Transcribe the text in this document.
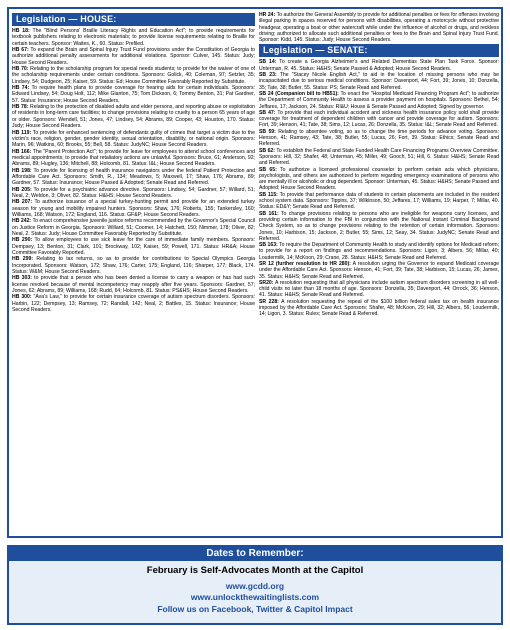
Legislation — HOUSE:
HB 18: The "Blind Persons' Braille Literacy Rights and Education Act"; to provide requirements for textbook publishers relating to electronic materials; to provide license requirements relating to Braille for certain teachers. Sponsor: Waites, K., 60. Status: Prefiled.
HB 67: To expand the Brain and Spinal Injury Trust Fund provisions under the Constitution of Georgia to authorize additional penalty assessments for additional violations. Sponsor: Culver, 145. Status: Judy; House Second Readers.
HB 70: Relating to the scholarship program for special needs students; to provide for the waiver of one of the scholarship requirements under certain conditions. Sponsors: Golick, 40; Coleman, 97; Setzler, 35; Lindsey, 54; Dudgeon, 25; Kaiser, 59. Status: Ed; House Committee Favorably Reported by Substitute.
HB 74: To require health plans to provide coverage for hearing aids for certain individuals. Sponsors: Edward Lindsey, 54; Doug Holt, 112; Mike Glanton, 75; Tom Dickson, 6; Tommy Benton, 31; Pat Gardner, 57. Status: Insurance; House Second Readers.
HB 78: Relating to the protection of disabled adults and elder persons, and reporting abuse or exploitation of residents in long-term care facilities; to change provisions relating to cruelty to a person 65 years of age or older. Sponsors: Wendell, 51; Jones, 47; Lindsey, 54; Abrams, 89; Cooper, 43; Houston, 170. Status: Judy; House Second Readers.
HB 119: To provide for enhanced sentencing of defendants guilty of crimes that target a victim due to the victim's race, religion, gender, gender identity, sexual orientation, disability, or national origin. Sponsors: Marin, 96; Watkins, 60; Brooks, 55; Bell, 58. Status: JudyNC; House Second Readers.
HB 166: The "Parent Protection Act"; to provide for leave for employees to attend school conferences and medical appointments; to provide that retaliatory actions are unlawful. Sponsors: Bruce, 61; Anderson, 92; Abrams, 89; Hugley, 136; Mitchell, 88; Holcomb, 81. Status: I&L; House Second Readers.
HB 198: To provide for licensing of health insurance navigators under the federal Patient Protection and Affordable Care Act. Sponsors: Smith, R., 134; Meadows, 5; Maxwell, 17; Shaw, 176; Abrams, 89; Gardner, 57. Status: Insurance; House Passed & Adopted; Senate Read and Referred.
HB 205: To provide for a psychiatric advance directive. Sponsors: Lindsey, 54; Gardner, 57; Willard, 51; Neal, 2; Weldon, 3; Oliver, 82. Status: H&HS; House Second Readers.
HB 207: To authorize issuance of a special turkey-hunting permit and provide for an extended turkey season for young and mobility impaired hunters. Sponsors: Shaw, 176; Roberts, 155; Tankersley, 160; Williams, 168; Watson, 172; England, 116. Status: GF&P; House Second Readers.
HB 242: To enact comprehensive juvenile justice reforms recommended by the Governor's Special Council on Justice Reform in Georgia. Sponsors: Willard, 51; Coomer, 14; Hatchett, 150; Nimmer, 178; Oliver, 82; Neal, 2. Status: Judy; House Committee Favorably Reported by Substitute.
HB 290: To allow employees to use sick leave for the care of immediate family members. Sponsors: Dempsey, 13; Benton, 31; Clark, 101; Brockway, 102; Kaiser, 59; Powell, 171. Status: HR&A; House Committee Favorably Reported.
HB 299: Relating to tax returns, so as to provide for contributions to Special Olympics Georgia Incorporated. Sponsors: Watson, 172; Shaw, 176; Carter, 175; England, 116; Sharper, 177; Black, 174. Status: W&M; House Second Readers.
HB 303: to provide that a person who has been denied a license to carry a weapon or has had such license revoked because of mental incompetency may reapply after five years. Sponsors: Gardner, 57; Jones, 62; Abrams, 89; Williams, 168; Rudd, 64; Holcomb, 81. Status: PS&HS; House Second Readers.
HB 300: "Ava's Law," to provide for certain insurance coverage of autism spectrum disorders. Sponsors: Harbin, 122; Dempsey, 13; Ramsey, 72; Randall, 142; Neal, 2; Battles, 15. Status: Insurance; House Second Readers.
HR 24: To authorize the General Assembly to provide for additional penalties or fees for offenses involving illegal parking in spaces reserved for persons with disabilities, operating a motorcycle without protective headgear, operating a boat or other watercraft while under the influence of alcohol or drugs, and reckless driving; authorized to allocate such additional penalties or fees to the Brain and Spinal Injury Trust Fund. Sponsor: Kidd, 145. Status: Judy; House Second Readers.
Legislation — SENATE:
SB 14: To create a Georgia Alzheimer's and Related Dementias State Plan Task Force. Sponsor: Unterman, R. 45. Status: H&HS; Senate Passed & Adopted; House Second Readers.
SB 23: The "Stacey Nicole English Act," to aid in the location of missing persons who may be incapacitated due to serious medical conditions. Sponsor: Davenport, 44; Fort, 39; Jones, 10; Donzella, 35; Tate, 38; Butler, 55. Status: PS; Senate Read and Referred.
SB 24 (Companion bill to HB51): To enact the "Hospital Medicaid Financing Program Act"; to authorize the Department of Community Health to assess a provider payment on hospitals. Sponsors: Bethel, 54; Jeffares, 17; Jackson, 24. Status: RI&U; House & Senate Passed and Adopted; Signed by governor.
SB 47: To provide that each individual accident and sickness health insurance policy sold shall provide coverage for treatment of dependent children with cancer and provide coverage for autism. Sponsors: Fort, 39; Henson, 41; Tate, 38; Sims, 12; Lucas, 26; Donzella, 35. Status: I&L; Senate Read and Referred.
SB 59: Relating to absentee voting, so as to change the time periods for advance voting. Sponsors: Henson, 41; Ramsey, 43; Tate, 38; Butler, 55; Lucas, 26; Fort, 39. Status: Ethics; Senate Read and Referred.
SB 62: To establish the Federal and State Funded Health Care Financing Programs Overview Committee. Sponsors: Hill, 32; Shafer, 48; Unterman, 45; Miller, 49; Gooch, 51; Hill, 6. Status: H&HS; Senate Read and Referred.
SB 65: To authorize a licensed professional counselor to perform certain acts which physicians, psychologists, and others are authorized to perform regarding emergency examinations of persons who are mentally ill or alcoholic or drug dependent. Sponsor: Unterman, 45. Status: H&HS; Senate Passed and Adopted; House Second Readers.
SB 115: To provide that performance data of students in certain placements are included in the resident school system data. Sponsors: Tippins, 37; Wilkinson, 50; Jeffares, 17; Williams, 19; Harper, 7; Millar, 40. Status: ED&Y; Senate Read and Referred.
SB 161: To change provisions relating to persons who are ineligible for weapons carry licenses, and providing certain information to the FBI in conjunction with the National Instant Criminal Background Check System, so as to change provisions relating to the retention of certain information. Sponsors: Jones, 10; Harbison, 15; Jackson, 2; Butler, 55; Sims, 12; Seay, 34. Status: JudyNC; Senate Read and Referred.
SB 163: To require the Department of Community Health to study and identify options for Medicaid reform; to provide for a report on findings and recommendations. Sponsors: Ligon, 3; Albers, 56; Millar, 40; Loudermilk, 14; McKoon, 29; Crane, 28. Status: H&HS; Senate Read and Referred.
SR 12 (further resolution to HR 280): A resolution urging the Governor to expand Medicaid coverage under the Affordable Care Act. Sponsors: Henson, 41; Fort, 39; Tate, 38; Harbison, 15; Lucas, 26; James, 35. Status: H&HS; Senate Read and Referred.
SR20: A resolution requesting that all physicians include autism spectrum disorders screening in all well-child visits no later than 18 months of age. Sponsors: Donzella, 35; Davenport, 44; Orrock, 36; Henson, 41. Status: H&HS; Senate Read and Referred.
SR 228: A resolution requesting the repeal of the $100 billion federal sales tax on health insurance imposed by the Affordable Care Act. Sponsors: Shafer, 48; McKoon, 29; Hill, 32; Albers, 56; Loudermilk, 14; Ligon, 3. Status: Rules; Senate Read & Referred.
Dates to Remember:
February is Self-Advocates Month at the Capitol
www.gcdd.org
www.unlockthewaitinglists.com
Follow us on Facebook, Twitter & Capitol Impact
